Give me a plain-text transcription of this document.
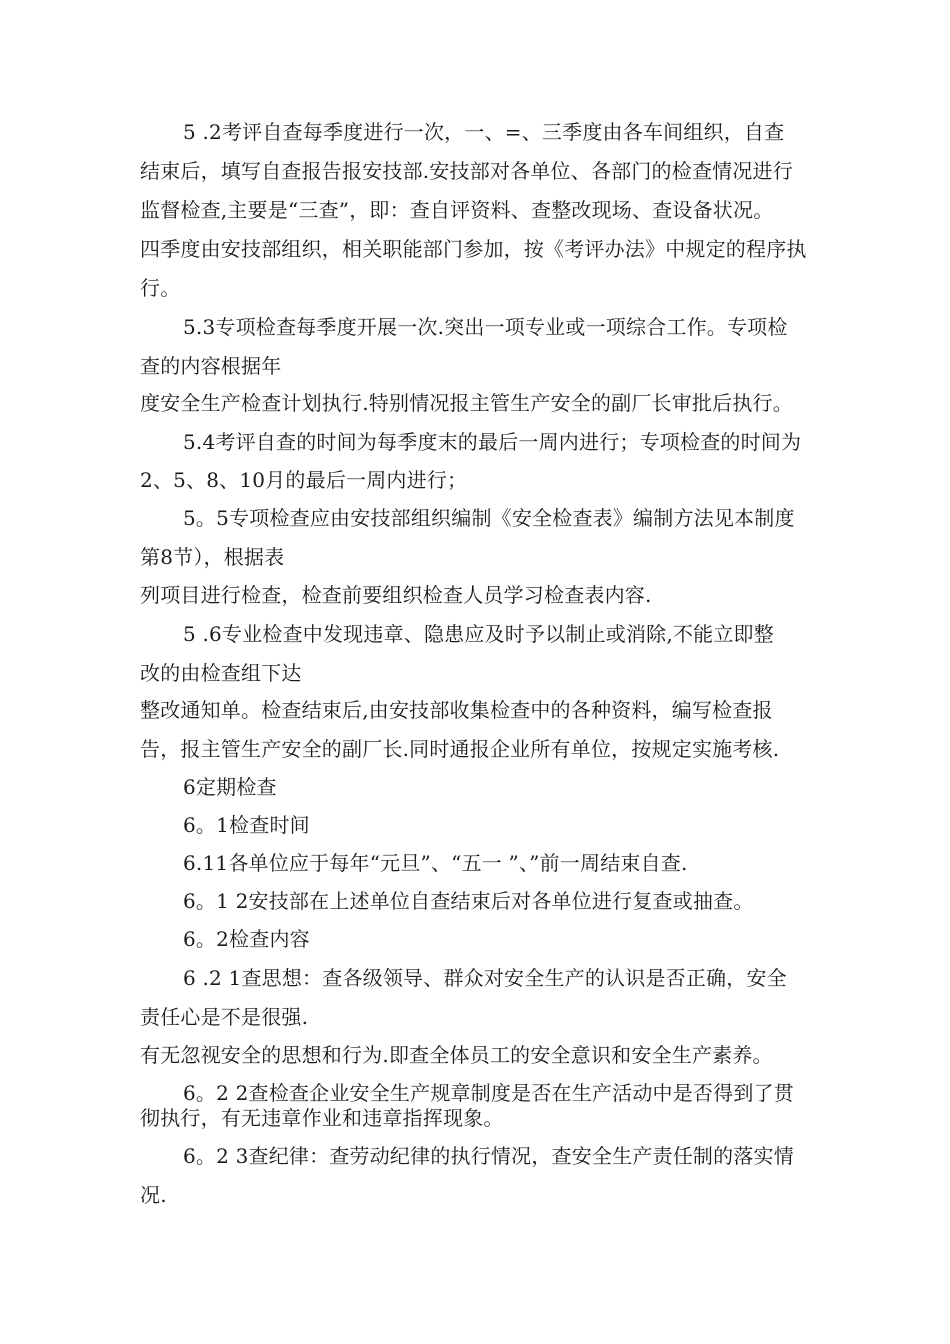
5 .2考评自查每季度进行一次，一、=、三季度由各车间组织，自查
结束后，填写自查报告报安技部.安技部对各单位、各部门的检查情况进行
监督检查,主要是“三查”，即：查自评资料、查整改现场、查设备状况。
四季度由安技部组织，相关职能部门参加，按《考评办法》中规定的程序执
行。
5.3专项检查每季度开展一次.突出一项专业或一项综合工作。专项检
查的内容根据年
度安全生产检查计划执行.特别情况报主管生产安全的副厂长审批后执行。
5.4考评自查的时间为每季度末的最后一周内进行；专项检查的时间为
2、5、8、10月的最后一周内进行；
5。5专项检查应由安技部组织编制《安全检查表》编制方法见本制度
第8节），根据表
列项目进行检查，检查前要组织检查人员学习检查表内容.
5 .6专业检查中发现违章、隐患应及时予以制止或消除,不能立即整
改的由检查组下达
整改通知单。检查结束后,由安技部收集检查中的各种资料，编写检查报
告，报主管生产安全的副厂长.同时通报企业所有单位，按规定实施考核.
6定期检查
6。1检查时间
6.11各单位应于每年“元旦”、“五一 ”、”前一周结束自查.
6。1 2安技部在上述单位自查结束后对各单位进行复查或抽查。
6。2检查内容
6 .2 1查思想：查各级领导、群众对安全生产的认识是否正确，安全
责任心是不是很强.
有无忽视安全的思想和行为.即查全体员工的安全意识和安全生产素养。
6。2 2查检查企业安全生产规章制度是否在生产活动中是否得到了贯
彻执行，有无违章作业和违章指挥现象。
6。2 3查纪律：查劳动纪律的执行情况，查安全生产责任制的落实情
况.
